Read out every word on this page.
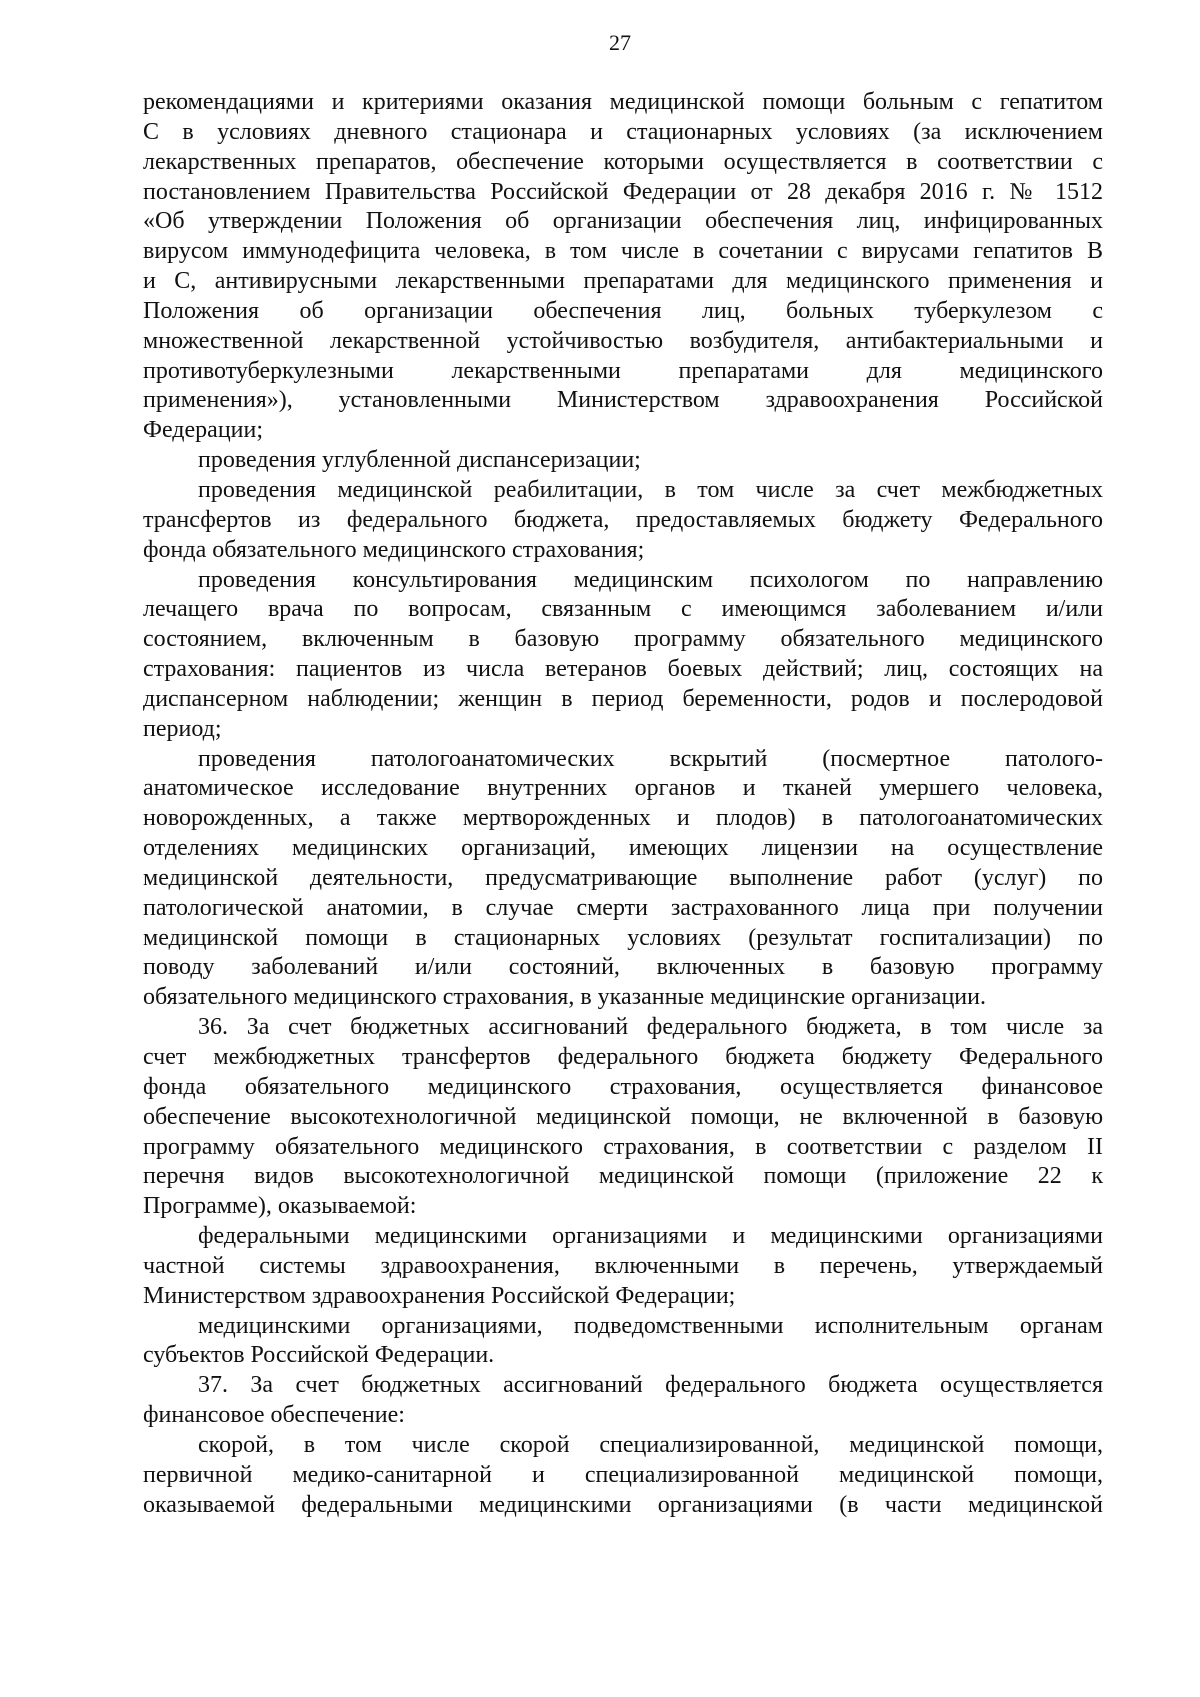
27
рекомендациями и критериями оказания медицинской помощи больным с гепатитом
С в условиях дневного стационара и стационарных условиях (за исключением
лекарственных препаратов, обеспечение которыми осуществляется в соответствии с
постановлением Правительства Российской Федерации от 28 декабря 2016 г. № 1512
«Об утверждении Положения об организации обеспечения лиц, инфицированных
вирусом иммунодефицита человека, в том числе в сочетании с вирусами гепатитов В
и С, антивирусными лекарственными препаратами для медицинского применения и
Положения об организации обеспечения лиц, больных туберкулезом с
множественной лекарственной устойчивостью возбудителя, антибактериальными и
противотуберкулезными лекарственными препаратами для медицинского
применения»), установленными Министерством здравоохранения Российской
Федерации;
проведения углубленной диспансеризации;
проведения медицинской реабилитации, в том числе за счет межбюджетных
трансфертов из федерального бюджета, предоставляемых бюджету Федерального
фонда обязательного медицинского страхования;
проведения консультирования медицинским психологом по направлению
лечащего врача по вопросам, связанным с имеющимся заболеванием и/или
состоянием, включенным в базовую программу обязательного медицинского
страхования: пациентов из числа ветеранов боевых действий; лиц, состоящих на
диспансерном наблюдении; женщин в период беременности, родов и послеродовой
период;
проведения патологоанатомических вскрытий (посмертное патолого-
анатомическое исследование внутренних органов и тканей умершего человека,
новорожденных, а также мертворожденных и плодов) в патологоанатомических
отделениях медицинских организаций, имеющих лицензии на осуществление
медицинской деятельности, предусматривающие выполнение работ (услуг) по
патологической анатомии, в случае смерти застрахованного лица при получении
медицинской помощи в стационарных условиях (результат госпитализации) по
поводу заболеваний и/или состояний, включенных в базовую программу
обязательного медицинского страхования, в указанные медицинские организации.
36. За счет бюджетных ассигнований федерального бюджета, в том числе за
счет межбюджетных трансфертов федерального бюджета бюджету Федерального
фонда обязательного медицинского страхования, осуществляется финансовое
обеспечение высокотехнологичной медицинской помощи, не включенной в базовую
программу обязательного медицинского страхования, в соответствии с разделом II
перечня видов высокотехнологичной медицинской помощи (приложение 22 к
Программе), оказываемой:
федеральными медицинскими организациями и медицинскими организациями
частной системы здравоохранения, включенными в перечень, утверждаемый
Министерством здравоохранения Российской Федерации;
медицинскими организациями, подведомственными исполнительным органам
субъектов Российской Федерации.
37. За счет бюджетных ассигнований федерального бюджета осуществляется
финансовое обеспечение:
скорой, в том числе скорой специализированной, медицинской помощи,
первичной медико-санитарной и специализированной медицинской помощи,
оказываемой федеральными медицинскими организациями (в части медицинской
